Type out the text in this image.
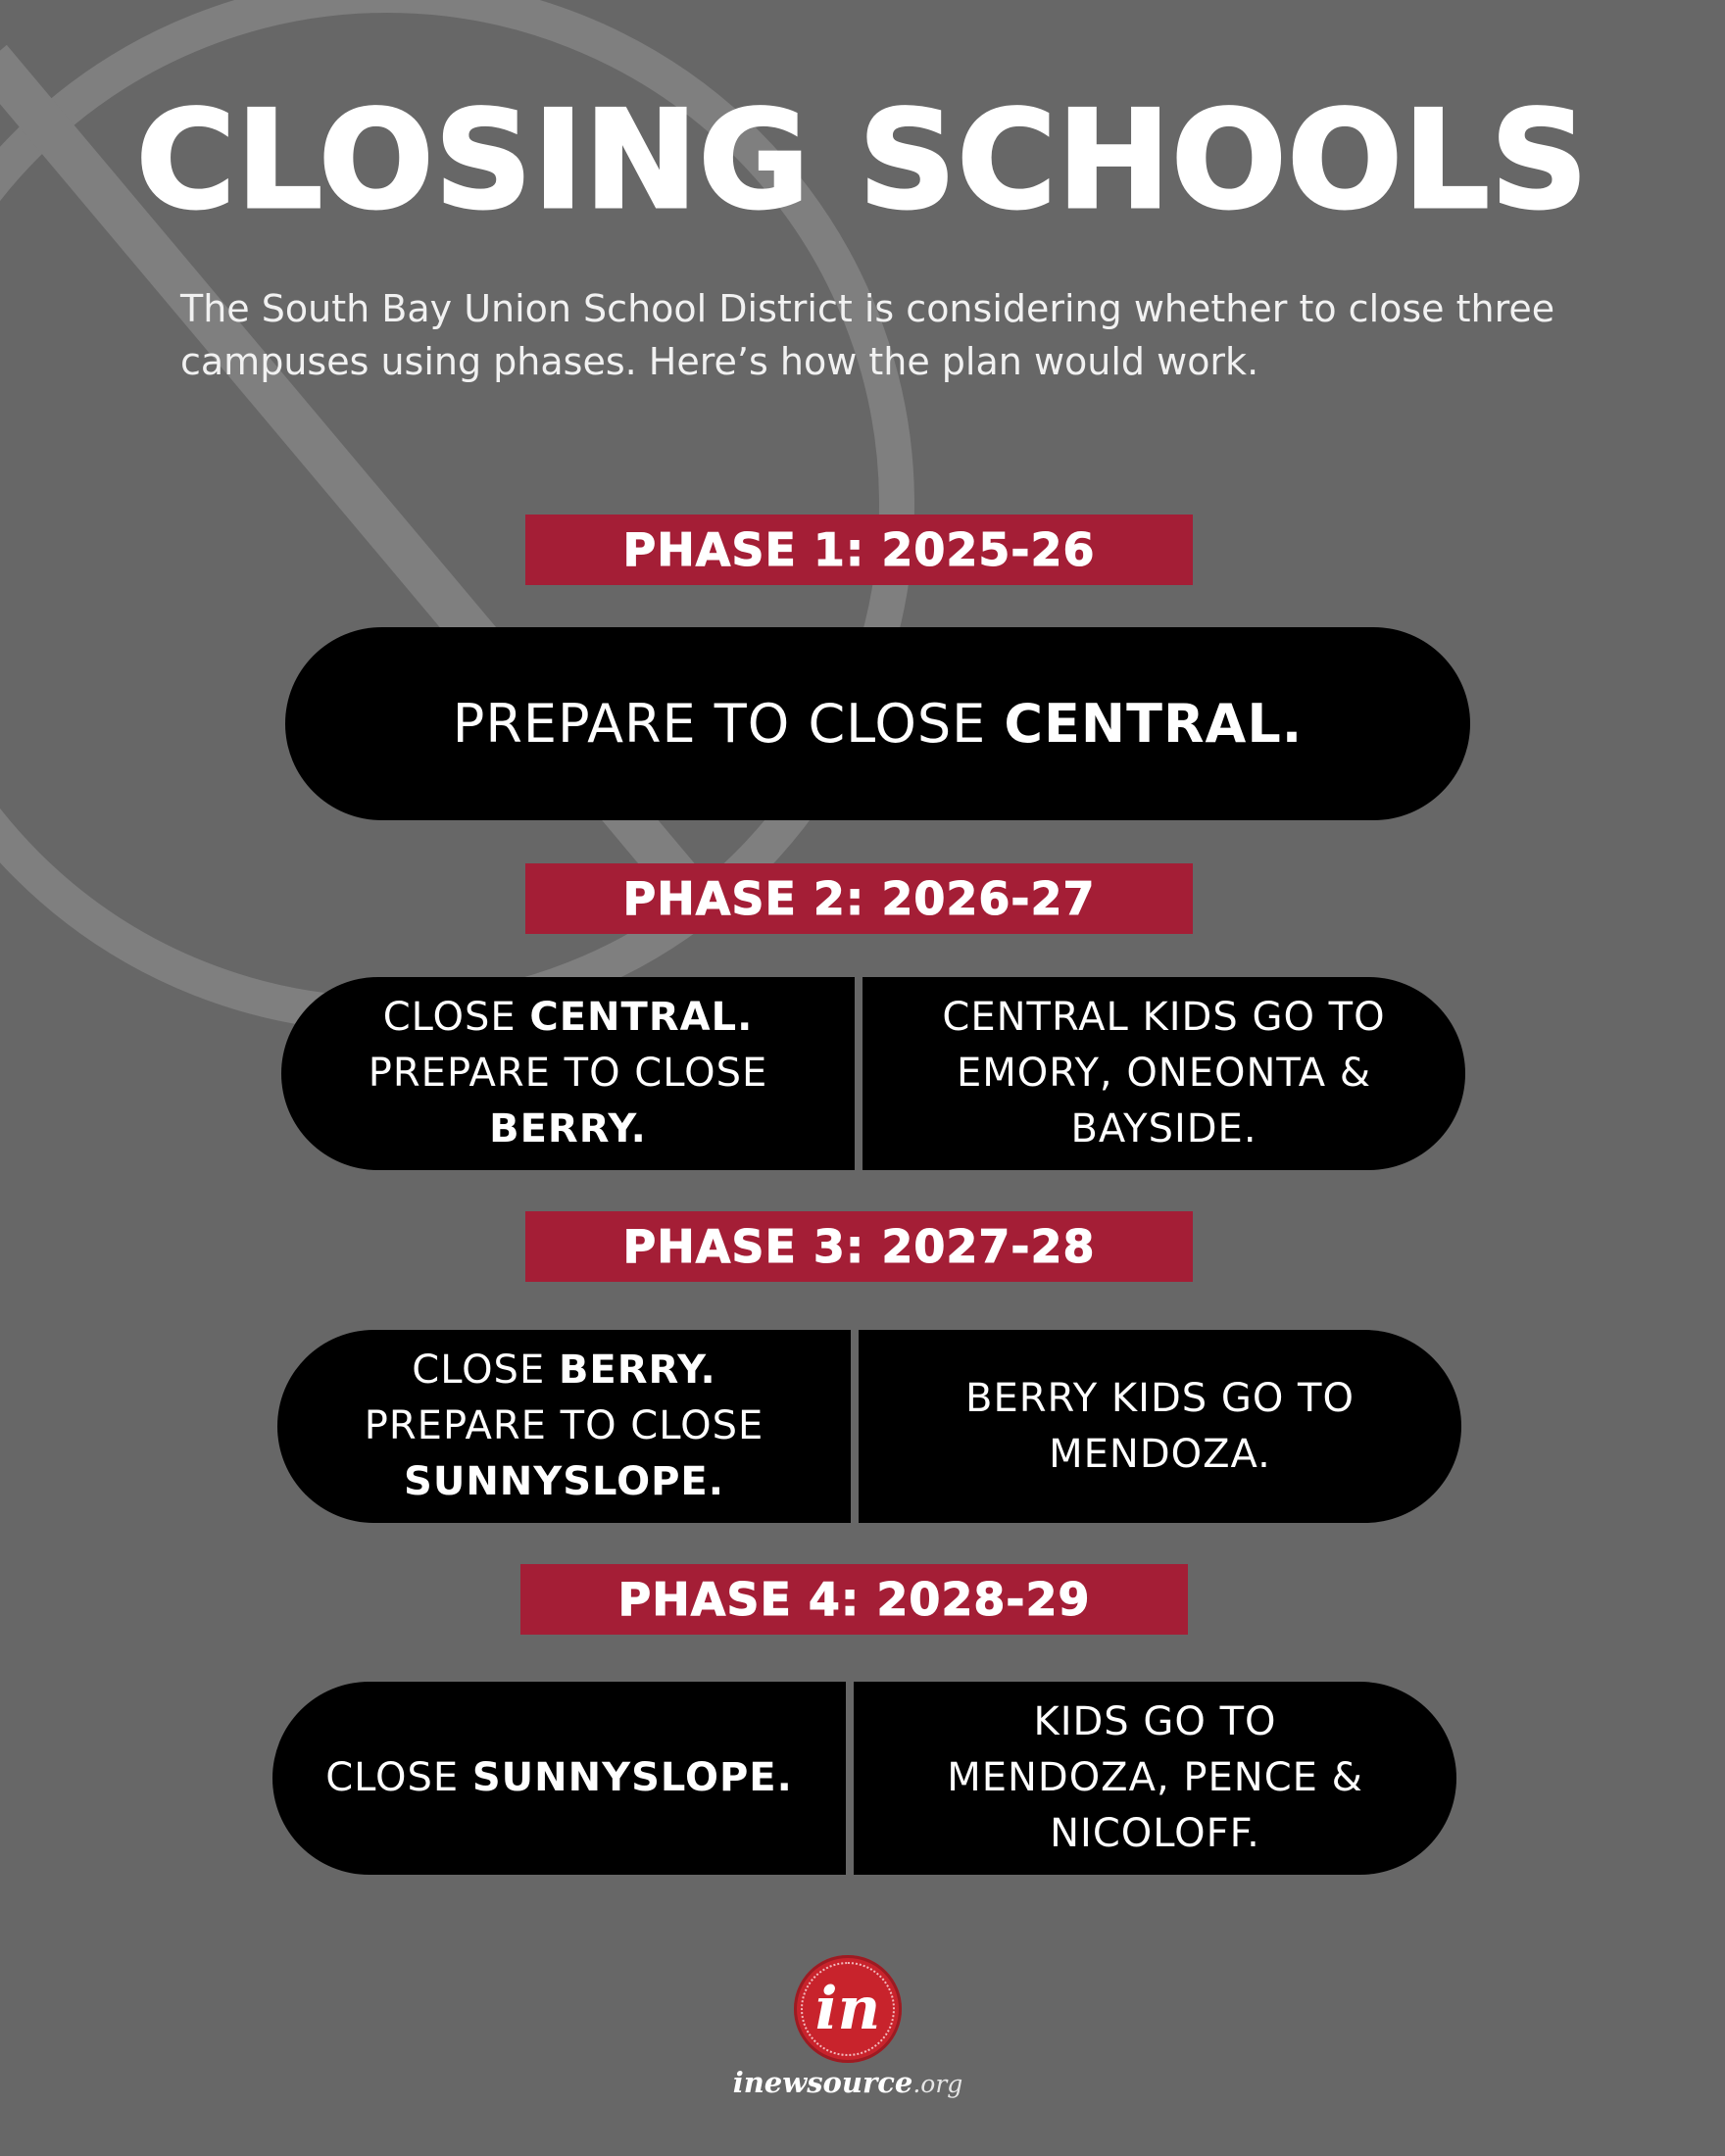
CLOSING SCHOOLS

The South Bay Union School District is considering whether to close three campuses using phases. Here’s how the plan would work.

PHASE 1: 2025-26
PREPARE TO CLOSE CENTRAL.
PHASE 2: 2026-27
CLOSE CENTRAL.
PREPARE TO CLOSE
BERRY.
CENTRAL KIDS GO TO
EMORY, ONEONTA &
BAYSIDE.
PHASE 3: 2027-28
CLOSE BERRY.
PREPARE TO CLOSE
SUNNYSLOPE.
BERRY KIDS GO TO
MENDOZA.
PHASE 4: 2028-29
CLOSE SUNNYSLOPE.
KIDS GO TO
MENDOZA, PENCE &
NICOLOFF.
in
inewsource.org
